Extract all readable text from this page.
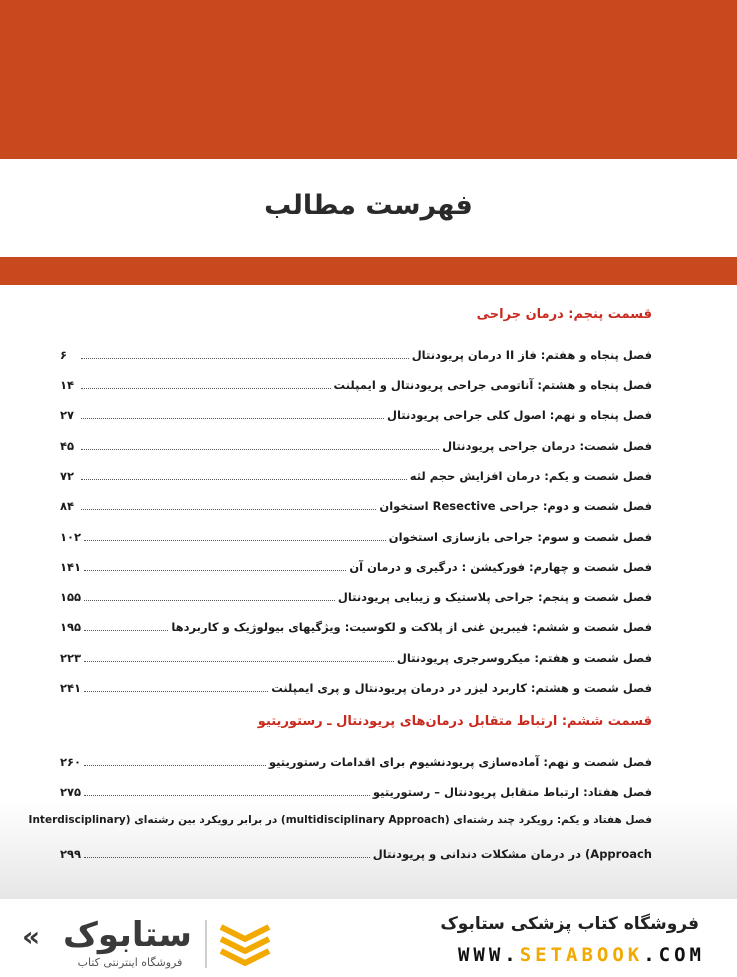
فهرست مطالب
قسمت پنجم: درمان جراحی
فصل پنجاه و هفتم: فاز II درمان پریودنتال
۶
فصل پنجاه و هشتم: آناتومی جراحی پریودنتال و ایمپلنت
۱۴
فصل پنجاه و نهم: اصول کلی جراحی پریودنتال
۲۷
فصل شصت: درمان جراحی پریودنتال
۴۵
فصل شصت و یکم: درمان افزایش حجم لثه
۷۲
فصل شصت و دوم: جراحی Resective استخوان
۸۴
فصل شصت و سوم: جراحی بازسازی استخوان
۱۰۲
فصل شصت و چهارم: فورکیشن : درگیری و درمان آن
۱۴۱
فصل شصت و پنجم: جراحی پلاستیک و زیبایی پریودنتال
۱۵۵
فصل شصت و ششم: فیبرین غنی از پلاکت و لکوسیت: ویژگیهای بیولوژیک و کاربردها
۱۹۵
فصل شصت و هفتم: میکروسرجری پریودنتال
۲۲۳
فصل شصت و هشتم: کاربرد لیزر در درمان پریودنتال و پری ایمپلنت
۲۴۱
قسمت ششم: ارتباط متقابل درمان‌های پریودنتال ـ رستوریتیو
فصل شصت و نهم: آماده‌سازی پریودنشیوم برای اقدامات رستوریتیو
۲۶۰
فصل هفتاد: ارتباط متقابل پریودنتال – رستوریتیو
۲۷۵
فصل هفتاد و یکم: رویکرد چند رشته‌ای (multidisciplinary Approach) در برابر رویکرد بین رشته‌ای (Interdisciplinary
Approach) در درمان مشکلات دندانی و پریودنتال
۲۹۹
« ستابوک
فروشگاه اینترنتی کتاب
فروشگاه کتاب پزشکی ستابوک
WWW.SETABOOK.COM
